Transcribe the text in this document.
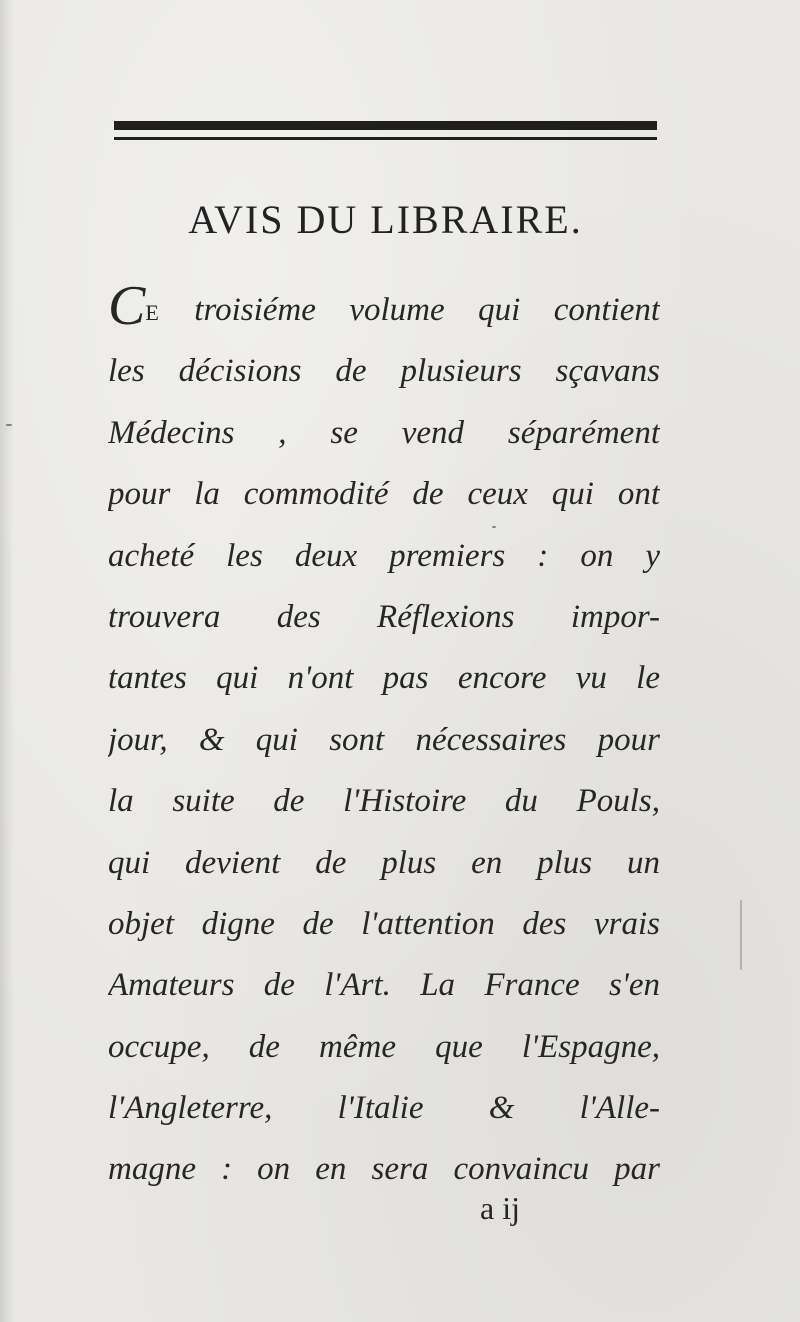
AVIS DU LIBRAIRE.
CE troisiéme volume qui contient
les décisions de plusieurs sçavans
Médecins , se vend séparément
pour la commodité de ceux qui ont
acheté les deux premiers : on y
trouvera des Réflexions impor-
tantes qui n'ont pas encore vu le
jour, & qui sont nécessaires pour
la suite de l'Histoire du Pouls,
qui devient de plus en plus un
objet digne de l'attention des vrais
Amateurs de l'Art. La France s'en
occupe, de même que l'Espagne,
l'Angleterre, l'Italie & l'Alle-
magne : on en sera convaincu par
a ij
